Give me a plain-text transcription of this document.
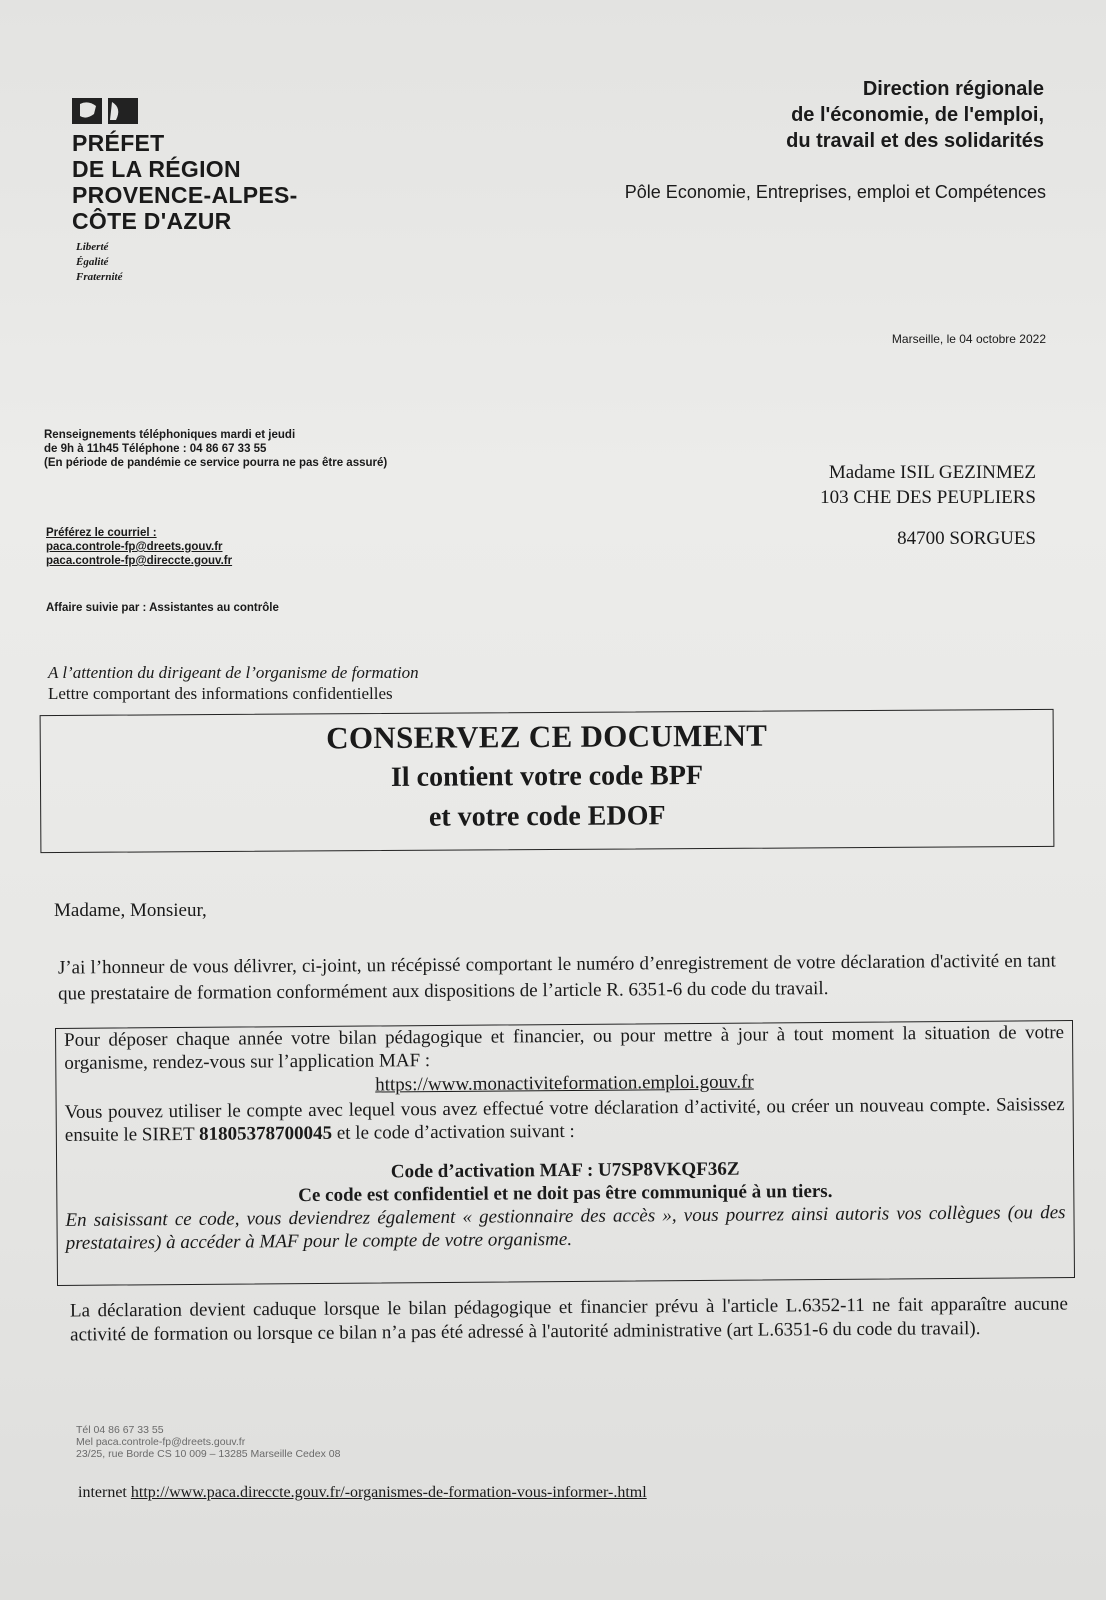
PRÉFET
DE LA RÉGION
PROVENCE-ALPES-
CÔTE D'AZUR
Liberté
Égalité
Fraternité
Direction régionale
de l'économie, de l'emploi,
du travail et des solidarités
Pôle Economie, Entreprises, emploi et Compétences
Marseille, le 04 octobre 2022
Renseignements téléphoniques mardi et jeudi
de 9h à 11h45 Téléphone : 04 86 67 33 55
(En période de pandémie ce service pourra ne pas être assuré)
Préférez le courriel :
paca.controle-fp@dreets.gouv.fr
paca.controle-fp@direccte.gouv.fr
Affaire suivie par : Assistantes au contrôle
Madame ISIL GEZINMEZ
103 CHE DES PEUPLIERS
84700 SORGUES
A l’attention du dirigeant de l’organisme de formation
Lettre comportant des informations confidentielles
CONSERVEZ CE DOCUMENT
Il contient votre code BPF
et votre code EDOF
Madame, Monsieur,
J’ai l’honneur de vous délivrer, ci-joint, un récépissé comportant le numéro d’enregistrement de votre déclaration d'activité en tant que prestataire de formation conformément aux dispositions de l’article R. 6351-6 du code du travail.
Pour déposer chaque année votre bilan pédagogique et financier, ou pour mettre à jour à tout moment la situation de votre organisme, rendez-vous sur l’application MAF :
https://www.monactiviteformation.emploi.gouv.fr
Vous pouvez utiliser le compte avec lequel vous avez effectué votre déclaration d’activité, ou créer un nouveau compte. Saisissez ensuite le SIRET 81805378700045 et le code d’activation suivant :
Code d’activation MAF : U7SP8VKQF36Z
Ce code est confidentiel et ne doit pas être communiqué à un tiers.
En saisissant ce code, vous deviendrez également « gestionnaire des accès », vous pourrez ainsi autoris vos collègues (ou des prestataires) à accéder à MAF pour le compte de votre organisme.
La déclaration devient caduque lorsque le bilan pédagogique et financier prévu à l'article L.6352-11 ne fait apparaître aucune activité de formation ou lorsque ce bilan n’a pas été adressé à l'autorité administrative (art L.6351-6 du code du travail).
Tél 04 86 67 33 55
Mel paca.controle-fp@dreets.gouv.fr
23/25, rue Borde CS 10 009 – 13285 Marseille Cedex 08
internet http://www.paca.direccte.gouv.fr/-organismes-de-formation-vous-informer-.html
